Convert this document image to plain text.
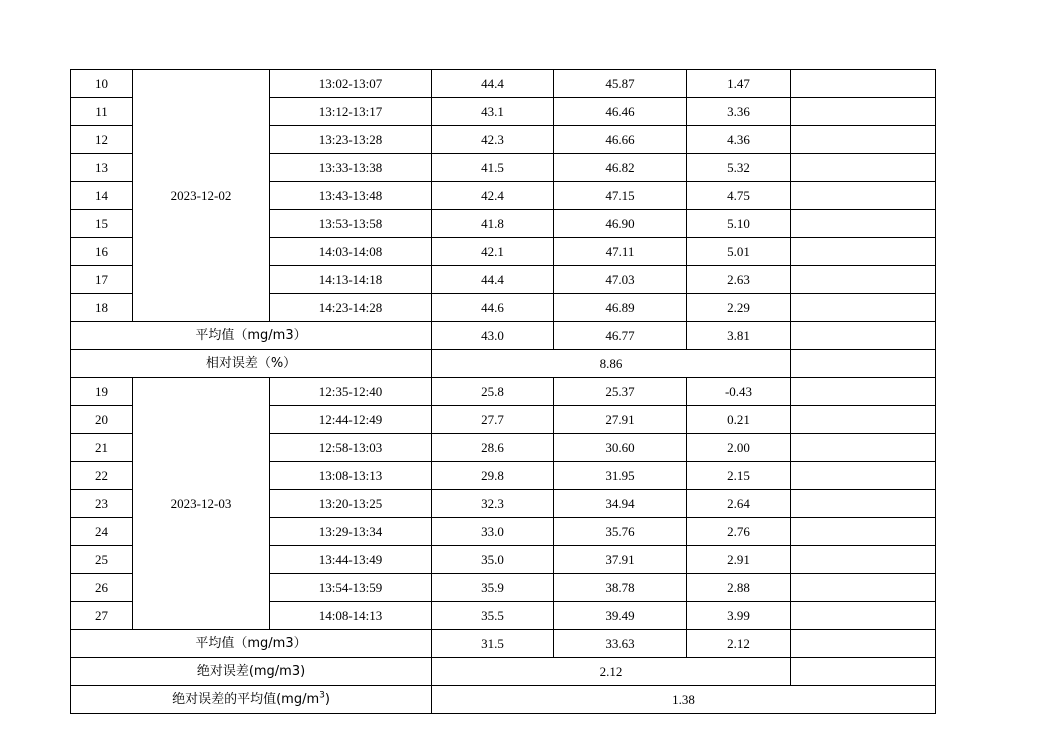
10	2023-12-02	13:02-13:07	44.4	45.87	1.47	
11		13:12-13:17	43.1	46.46	3.36	
12		13:23-13:28	42.3	46.66	4.36	
13		13:33-13:38	41.5	46.82	5.32	
14		13:43-13:48	42.4	47.15	4.75	
15		13:53-13:58	41.8	46.90	5.10	
16		14:03-14:08	42.1	47.11	5.01	
17		14:13-14:18	44.4	47.03	2.63	
18		14:23-14:28	44.6	46.89	2.29	
平均值（mg/m3）			43.0	46.77	3.81	
相对误差（%）			8.86			
19	2023-12-03	12:35-12:40	25.8	25.37	-0.43	
20		12:44-12:49	27.7	27.91	0.21	
21		12:58-13:03	28.6	30.60	2.00	
22		13:08-13:13	29.8	31.95	2.15	
23		13:20-13:25	32.3	34.94	2.64	
24		13:29-13:34	33.0	35.76	2.76	
25		13:44-13:49	35.0	37.91	2.91	
26		13:54-13:59	35.9	38.78	2.88	
27		14:08-14:13	35.5	39.49	3.99	
平均值（mg/m3）			31.5	33.63	2.12	
绝对误差(mg/m3)			2.12			
绝对误差的平均值$(mg/m^3)$			1.38			
